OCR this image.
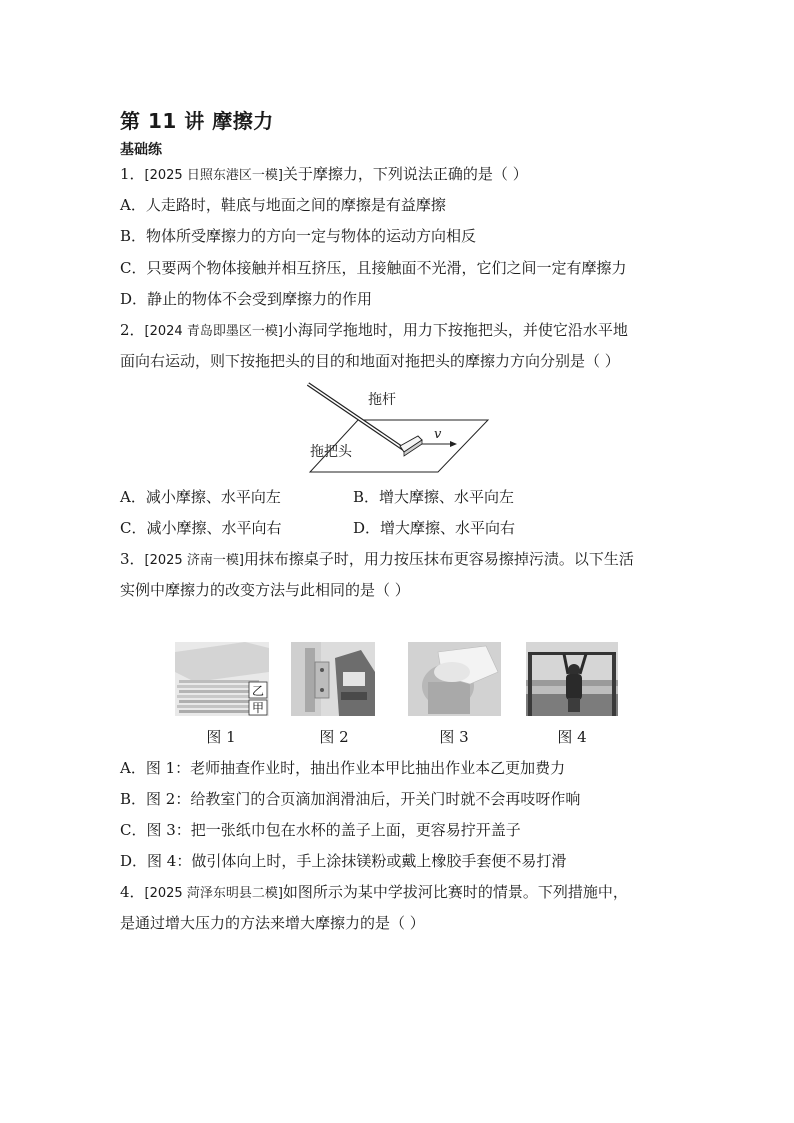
第 11 讲 摩擦力
基础练
1．[2025 日照东港区一模]关于摩擦力，下列说法正确的是（ ）
A．人走路时，鞋底与地面之间的摩擦是有益摩擦
B．物体所受摩擦力的方向一定与物体的运动方向相反
C．只要两个物体接触并相互挤压，且接触面不光滑，它们之间一定有摩擦力
D．静止的物体不会受到摩擦力的作用
2．[2024 青岛即墨区一模]小海同学拖地时，用力下按拖把头，并使它沿水平地
面向右运动，则下按拖把头的目的和地面对拖把头的摩擦力方向分别是（ ）
拖杆
拖把头
v
A．减小摩擦、水平向左	B．增大摩擦、水平向左
C．减小摩擦、水平向右	D．增大摩擦、水平向右
3．[2025 济南一模]用抹布擦桌子时，用力按压抹布更容易擦掉污渍。以下生活
实例中摩擦力的改变方法与此相同的是（ ）
乙
甲
图 1	图 2	图 3	图 4
A．图 1：老师抽查作业时，抽出作业本甲比抽出作业本乙更加费力
B．图 2：给教室门的合页滴加润滑油后，开关门时就不会再吱呀作响
C．图 3：把一张纸巾包在水杯的盖子上面，更容易拧开盖子
D．图 4：做引体向上时，手上涂抹镁粉或戴上橡胶手套便不易打滑
4．[2025 菏泽东明县二模]如图所示为某中学拔河比赛时的情景。下列措施中，
是通过增大压力的方法来增大摩擦力的是（ ）
